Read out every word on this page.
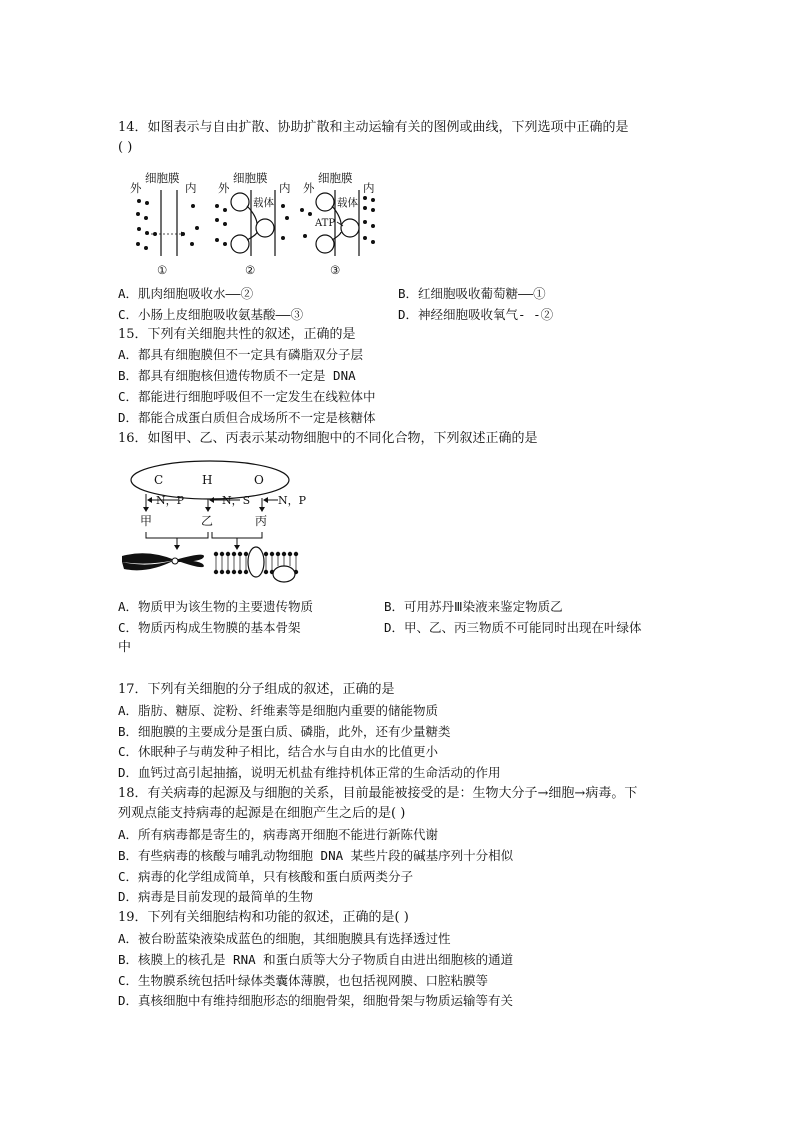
14．如图表示与自由扩散、协助扩散和主动运输有关的图例或曲线，下列选项中正确的是
( )
细胞膜
外	内
①
细胞膜
外	内
载体
②
细胞膜
外	内
载体
ATP
③
A．肌肉细胞吸收水——②	B．红细胞吸收葡萄糖——①
C．小肠上皮细胞吸收氨基酸——③	D．神经细胞吸收氧气- -②
15．下列有关细胞共性的叙述，正确的是
A．都具有细胞膜但不一定具有磷脂双分子层
B．都具有细胞核但遗传物质不一定是 DNA
C．都能进行细胞呼吸但不一定发生在线粒体中
D．都能合成蛋白质但合成场所不一定是核糖体
16．如图甲、乙、丙表示某动物细胞中的不同化合物，下列叙述正确的是
C	H	O
N，P	N，S	N，P
甲	乙	丙
A．物质甲为该生物的主要遗传物质	B．可用苏丹Ⅲ染液来鉴定物质乙
C．物质丙构成生物膜的基本骨架	D．甲、乙、丙三物质不可能同时出现在叶绿体
中
17．下列有关细胞的分子组成的叙述，正确的是
A．脂肪、糖原、淀粉、纤维素等是细胞内重要的储能物质
B．细胞膜的主要成分是蛋白质、磷脂，此外，还有少量糖类
C．休眠种子与萌发种子相比，结合水与自由水的比值更小
D．血钙过高引起抽搐，说明无机盐有维持机体正常的生命活动的作用
18．有关病毒的起源及与细胞的关系，目前最能被接受的是：生物大分子→细胞→病毒。下
列观点能支持病毒的起源是在细胞产生之后的是( )
A．所有病毒都是寄生的，病毒离开细胞不能进行新陈代谢
B．有些病毒的核酸与哺乳动物细胞 DNA 某些片段的碱基序列十分相似
C．病毒的化学组成简单，只有核酸和蛋白质两类分子
D．病毒是目前发现的最简单的生物
19．下列有关细胞结构和功能的叙述，正确的是( )
A．被台盼蓝染液染成蓝色的细胞，其细胞膜具有选择透过性
B．核膜上的核孔是 RNA 和蛋白质等大分子物质自由进出细胞核的通道
C．生物膜系统包括叶绿体类囊体薄膜，也包括视网膜、口腔粘膜等
D．真核细胞中有维持细胞形态的细胞骨架，细胞骨架与物质运输等有关
